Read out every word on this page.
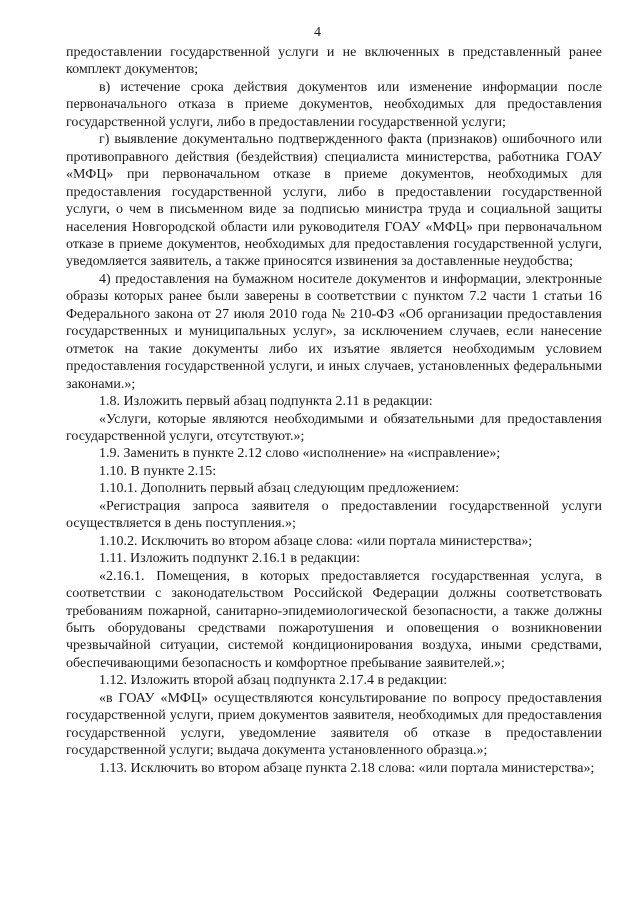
4

предоставлении государственной услуги и не включенных в представленный ранее комплект документов;

в) истечение срока действия документов или изменение информации после первоначального отказа в приеме документов, необходимых для предоставления государственной услуги, либо в предоставлении государственной услуги;

г) выявление документально подтвержденного факта (признаков) ошибочного или противоправного действия (бездействия) специалиста министерства, работника ГОАУ «МФЦ» при первоначальном отказе в приеме документов, необходимых для предоставления государственной услуги, либо в предоставлении государственной услуги, о чем в письменном виде за подписью министра труда и социальной защиты населения Новгородской области или руководителя ГОАУ «МФЦ» при первоначальном отказе в приеме документов, необходимых для предоставления государственной услуги, уведомляется заявитель, а также приносятся извинения за доставленные неудобства;

4) предоставления на бумажном носителе документов и информации, электронные образы которых ранее были заверены в соответствии с пунктом 7.2 части 1 статьи 16 Федерального закона от 27 июля 2010 года № 210-ФЗ «Об организации предоставления государственных и муниципальных услуг», за исключением случаев, если нанесение отметок на такие документы либо их изъятие является необходимым условием предоставления государственной услуги, и иных случаев, установленных федеральными законами.»;

1.8. Изложить первый абзац подпункта 2.11 в редакции:

«Услуги, которые являются необходимыми и обязательными для предоставления государственной услуги, отсутствуют.»;

1.9. Заменить в пункте 2.12 слово «исполнение» на «исправление»;

1.10. В пункте 2.15:

1.10.1. Дополнить первый абзац следующим предложением:

«Регистрация запроса заявителя о предоставлении государственной услуги осуществляется в день поступления.»;

1.10.2. Исключить во втором абзаце слова: «или портала министерства»;

1.11. Изложить подпункт 2.16.1 в редакции:

«2.16.1. Помещения, в которых предоставляется государственная услуга, в соответствии с законодательством Российской Федерации должны соответствовать требованиям пожарной, санитарно-эпидемиологической безопасности, а также должны быть оборудованы средствами пожаротушения и оповещения о возникновении чрезвычайной ситуации, системой кондиционирования воздуха, иными средствами, обеспечивающими безопасность и комфортное пребывание заявителей.»;

1.12. Изложить второй абзац подпункта 2.17.4 в редакции:

«в ГОАУ «МФЦ» осуществляются консультирование по вопросу предоставления государственной услуги, прием документов заявителя, необходимых для предоставления государственной услуги, уведомление заявителя об отказе в предоставлении государственной услуги; выдача документа установленного образца.»;

1.13. Исключить во втором абзаце пункта 2.18 слова: «или портала министерства»;
